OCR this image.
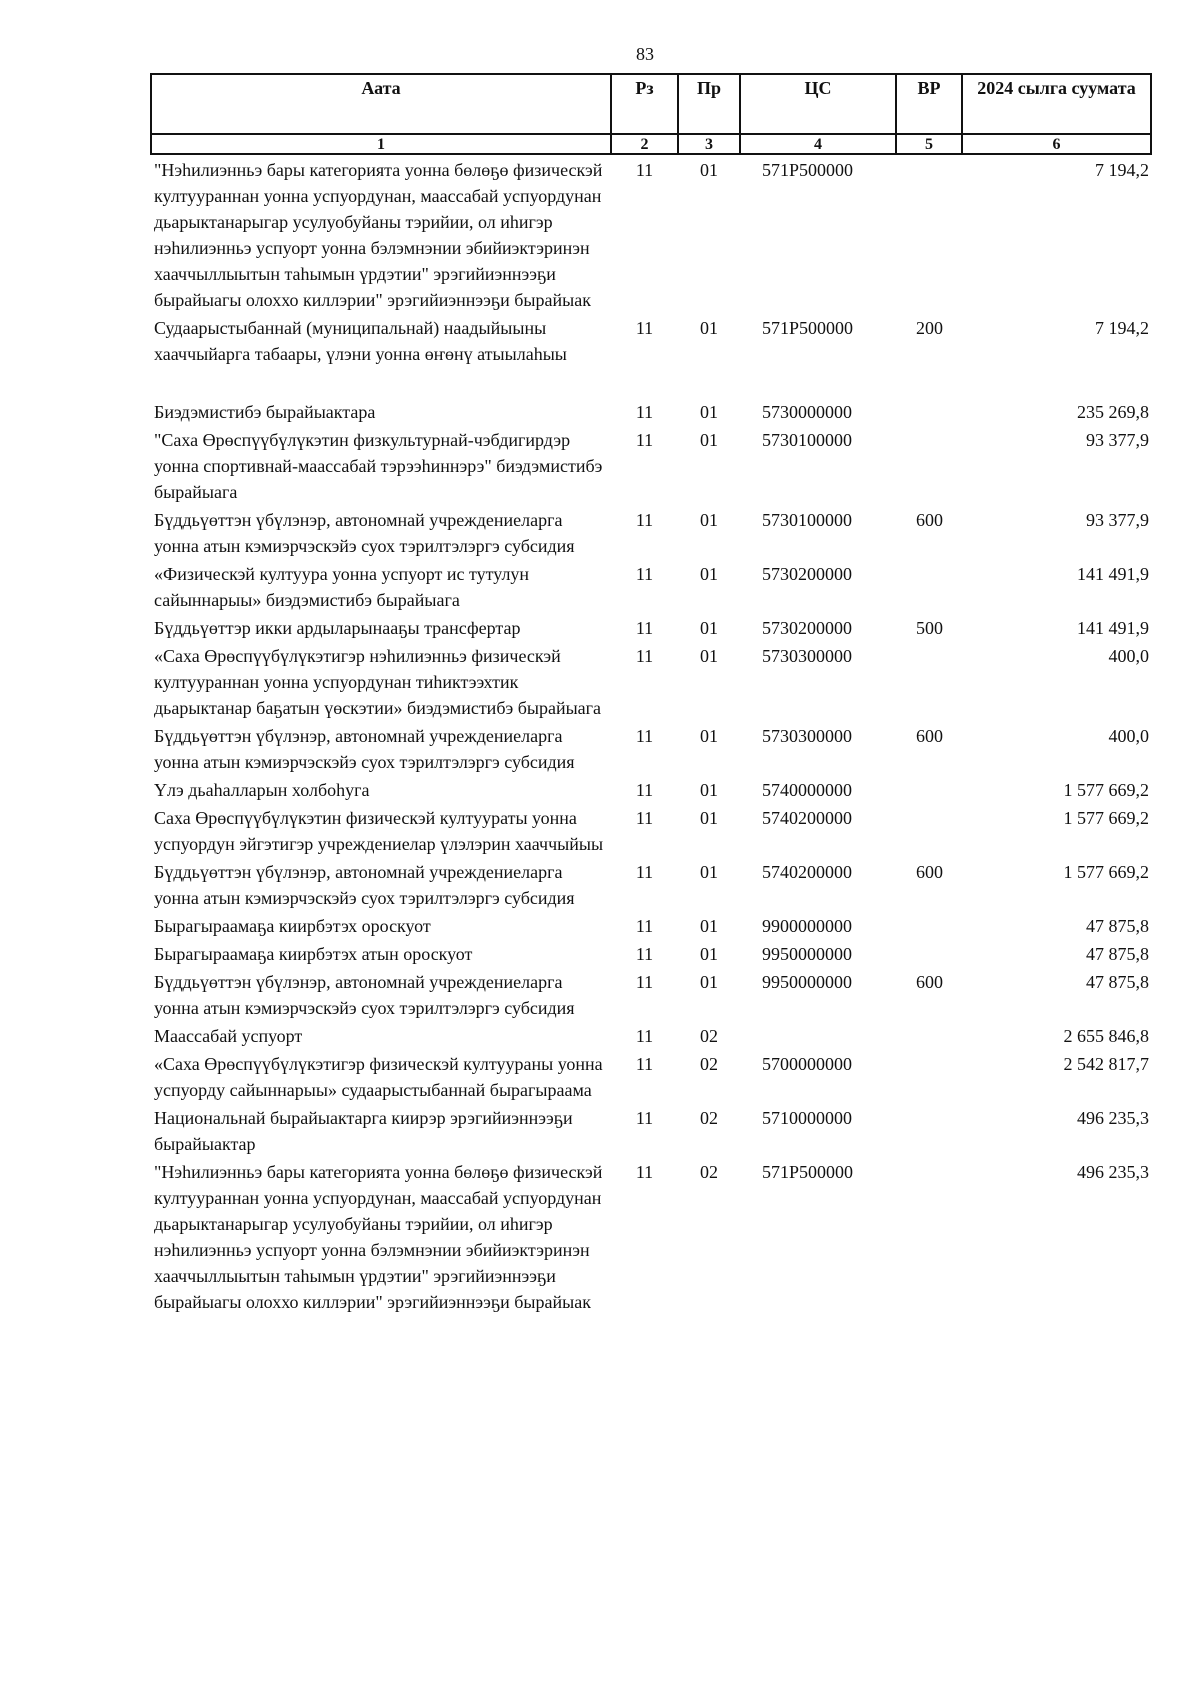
83
Аата	Рз	Пр	ЦС	ВР	2024 сылга суумата
1	2	3	4	5	6
"Нэһилиэнньэ бары категорията уонна бөлөҕө физическэй култуураннан уонна успуордунан, маассабай успуордунан дьарыктанарыгар усулуобуйаны тэрийии, ол иһигэр нэһилиэнньэ успуорт уонна бэлэмнэнии эбийиэктэринэн хааччыллыытын таһымын үрдэтии" эрэгийиэннээҕи бырайыагы олоххо киллэрии" эрэгийиэннээҕи бырайыак	11	01	571Р500000		7 194,2
Судаарыстыбаннай (муниципальнай) наадыйыыны хааччыйарга табаары, үлэни уонна өҥөнү атыылаһыы	11	01	571Р500000	200	7 194,2
Биэдэмистибэ бырайыактара	11	01	5730000000		235 269,8
"Саха Өрөспүүбүлүкэтин физкультурнай-чэбдигирдэр уонна спортивнай-маассабай тэрээһиннэрэ" биэдэмистибэ бырайыага	11	01	5730100000		93 377,9
Бүддьүөттэн үбүлэнэр, автономнай учреждениеларга уонна атын кэмиэрчэскэйэ суох тэрилтэлэргэ субсидия	11	01	5730100000	600	93 377,9
«Физическэй култуура уонна успуорт ис тутулун сайыннарыы» биэдэмистибэ бырайыага	11	01	5730200000		141 491,9
Бүддьүөттэр икки ардыларынааҕы трансфертар	11	01	5730200000	500	141 491,9
«Саха Өрөспүүбүлүкэтигэр нэһилиэнньэ физическэй култуураннан уонна успуордунан тиһиктээхтик дьарыктанар баҕатын үөскэтии» биэдэмистибэ бырайыага	11	01	5730300000		400,0
Бүддьүөттэн үбүлэнэр, автономнай учреждениеларга уонна атын кэмиэрчэскэйэ суох тэрилтэлэргэ субсидия	11	01	5730300000	600	400,0
Үлэ дьаһалларын холбоһуга	11	01	5740000000		1 577 669,2
Саха Өрөспүүбүлүкэтин физическэй култуураты уонна успуордун эйгэтигэр учреждениелар үлэлэрин хааччыйыы	11	01	5740200000		1 577 669,2
Бүддьүөттэн үбүлэнэр, автономнай учреждениеларга уонна атын кэмиэрчэскэйэ суох тэрилтэлэргэ субсидия	11	01	5740200000	600	1 577 669,2
Бырагыраамаҕа киирбэтэх ороскуот	11	01	9900000000		47 875,8
Бырагыраамаҕа киирбэтэх атын ороскуот	11	01	9950000000		47 875,8
Бүддьүөттэн үбүлэнэр, автономнай учреждениеларга уонна атын кэмиэрчэскэйэ суох тэрилтэлэргэ субсидия	11	01	9950000000	600	47 875,8
Маассабай успуорт	11	02			2 655 846,8
«Саха Өрөспүүбүлүкэтигэр физическэй култуураны уонна успуорду сайыннарыы» судаарыстыбаннай бырагыраама	11	02	5700000000		2 542 817,7
Национальнай бырайыактарга киирэр эрэгийиэннээҕи бырайыактар	11	02	5710000000		496 235,3
"Нэһилиэнньэ бары категорията уонна бөлөҕө физическэй култуураннан уонна успуордунан, маассабай успуордунан дьарыктанарыгар усулуобуйаны тэрийии, ол иһигэр нэһилиэнньэ успуорт уонна бэлэмнэнии эбийиэктэринэн хааччыллыытын таһымын үрдэтии" эрэгийиэннээҕи бырайыагы олоххо киллэрии" эрэгийиэннээҕи бырайыак	11	02	571Р500000		496 235,3
